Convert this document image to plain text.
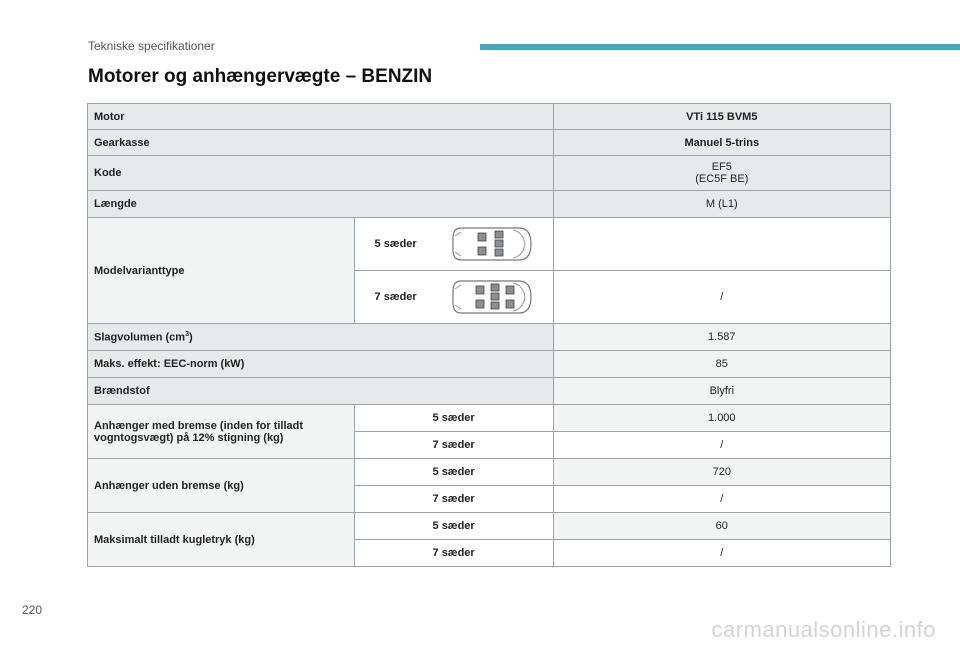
Tekniske specifikationer
Motorer og anhængervægte – BENZIN
Motor		VTi 115 BVM5
Gearkasse		Manuel 5-trins
Kode		EF5
(EC5F BE)

Længde		M (L1)
Modelvarianttype	5 sæder	

	7 sæder	/
Slagvolumen $(cm^3)$		1.587
Maks. effekt: EEC-norm (kW)		85
Brændstof		Blyfri
Anhænger med bremse (inden for tilladt vogntogsvægt) på 12% stigning (kg)	5 sæder	1.000
	7 sæder	/
Anhænger uden bremse (kg)	5 sæder	720
	7 sæder	/
Maksimalt tilladt kugletryk (kg)	5 sæder	60
	7 sæder	/
220
carmanualsonline.info
